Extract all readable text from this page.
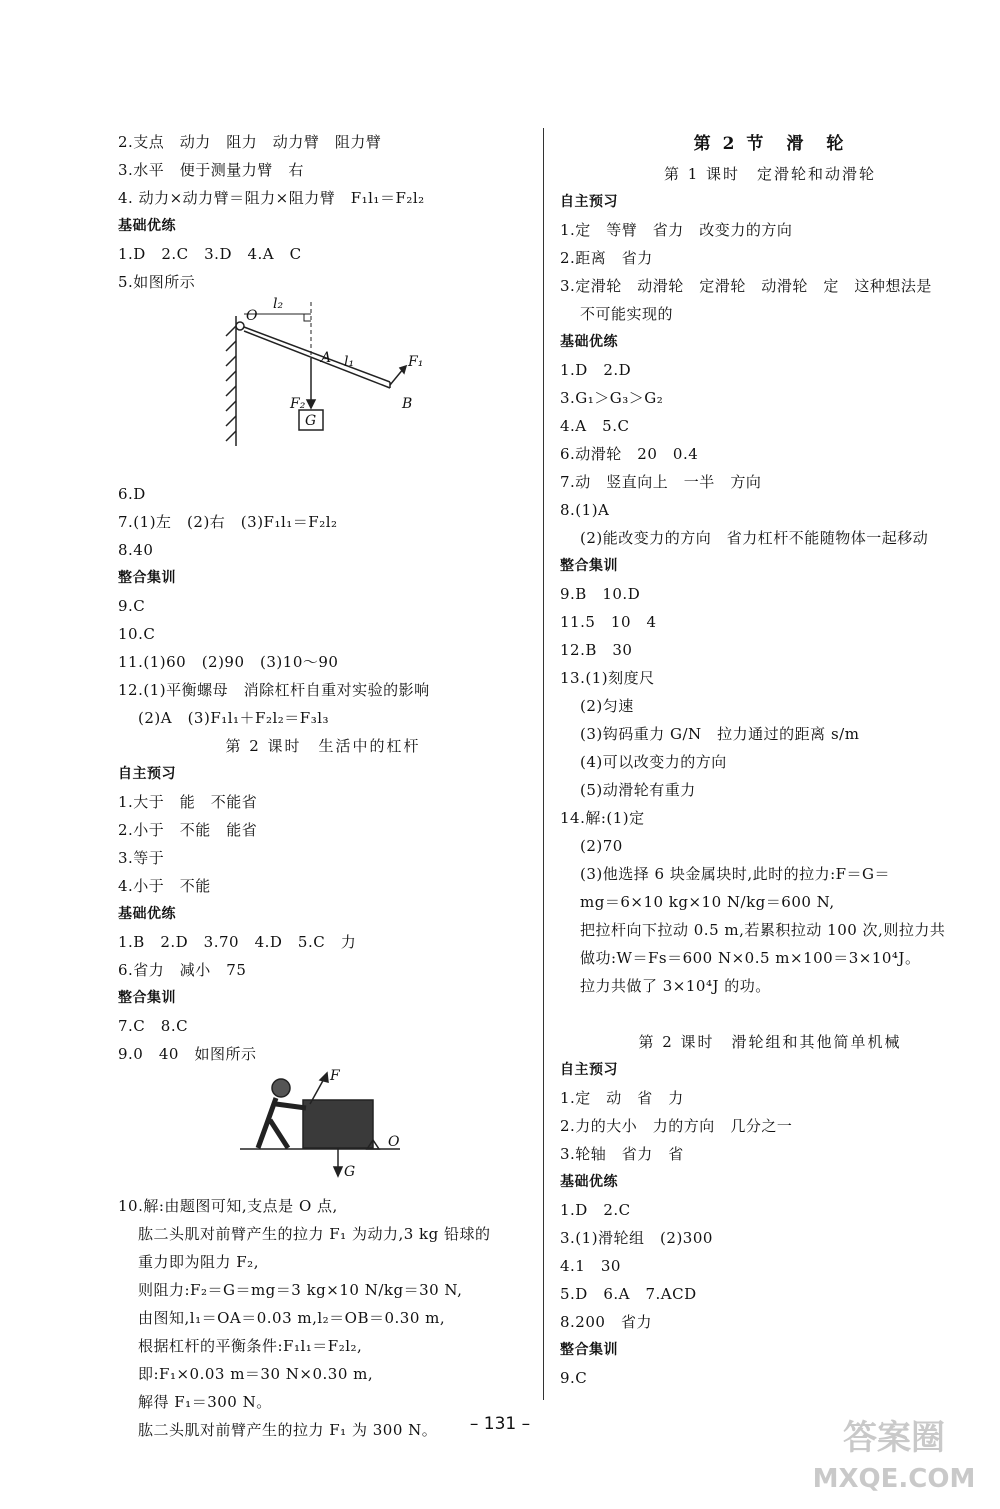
2.支点　动力　阻力　动力臂　阻力臂
3.水平　便于测量力臂　右
4. 动力×动力臂＝阻力×阻力臂　F₁l₁＝F₂l₂
基础优练
1.D　2.C　3.D　4.A　C
5.如图所示
O
l₂
A l₁	F₁
F₂	B
G
6.D
7.(1)左　(2)右　(3)F₁l₁＝F₂l₂
8.40
整合集训
9.C
10.C
11.(1)60　(2)90　(3)10～90
12.(1)平衡螺母　消除杠杆自重对实验的影响
(2)A　(3)F₁l₁＋F₂l₂＝F₃l₃
第 2 课时　生活中的杠杆
自主预习
1.大于　能　不能省
2.小于　不能　能省
3.等于
4.小于　不能
基础优练
1.B　2.D　3.70　4.D　5.C　力
6.省力　减小　75
整合集训
7.C　8.C
9.0　40　如图所示
F
G
O
10.解:由题图可知,支点是 O 点,
肱二头肌对前臂产生的拉力 F₁ 为动力,3 kg 铅球的
重力即为阻力 F₂,
则阻力:F₂＝G＝mg＝3 kg×10 N/kg＝30 N,
由图知,l₁＝OA＝0.03 m,l₂＝OB＝0.30 m,
根据杠杆的平衡条件:F₁l₁＝F₂l₂,
即:F₁×0.03 m＝30 N×0.30 m,
解得 F₁＝300 N。
肱二头肌对前臂产生的拉力 F₁ 为 300 N。
第 2 节　滑　轮
第 1 课时　定滑轮和动滑轮
自主预习
1.定　等臂　省力　改变力的方向
2.距离　省力
3.定滑轮　动滑轮　定滑轮　动滑轮　定　这种想法是
不可能实现的
基础优练
1.D　2.D
3.G₁＞G₃＞G₂
4.A　5.C
6.动滑轮　20　0.4
7.动　竖直向上　一半　方向
8.(1)A
(2)能改变力的方向　省力杠杆不能随物体一起移动
整合集训
9.B　10.D
11.5　10　4
12.B　30
13.(1)刻度尺
(2)匀速
(3)钩码重力 G/N　拉力通过的距离 s/m
(4)可以改变力的方向
(5)动滑轮有重力
14.解:(1)定
(2)70
(3)他选择 6 块金属块时,此时的拉力:F＝G＝
mg＝6×10 kg×10 N/kg＝600 N,
把拉杆向下拉动 0.5 m,若累积拉动 100 次,则拉力共
做功:W＝Fs＝600 N×0.5 m×100＝3×10⁴J。
拉力共做了 3×10⁴J 的功。
第 2 课时　滑轮组和其他简单机械
自主预习
1.定　动　省　力
2.力的大小　力的方向　几分之一
3.轮轴　省力　省
基础优练
1.D　2.C
3.(1)滑轮组　(2)300
4.1　30
5.D　6.A　7.ACD
8.200　省力
整合集训
9.C
– 131 –	答案圈
MXQE.COM
